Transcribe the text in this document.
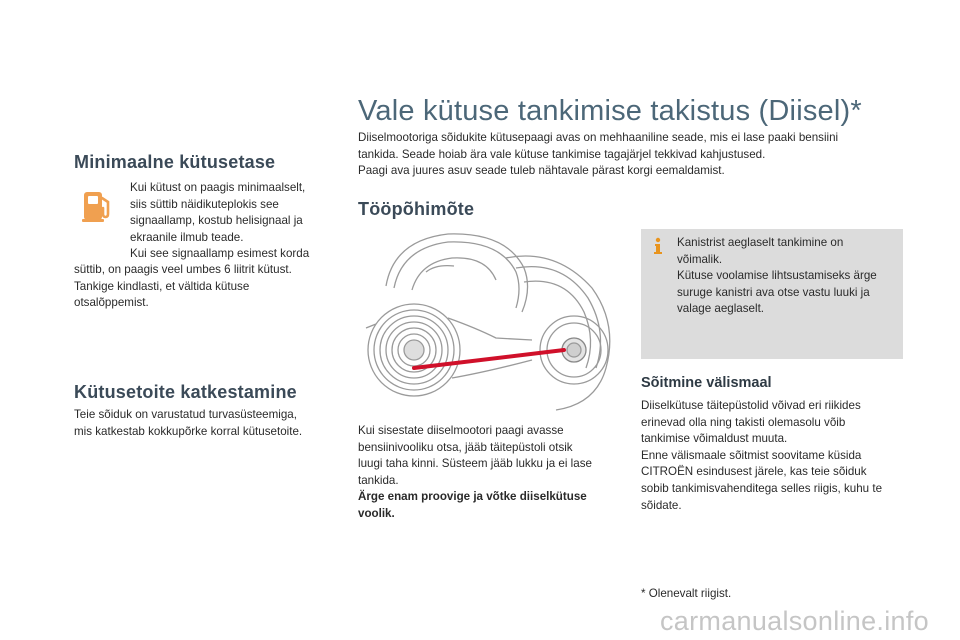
Minimaalne kütusetase

Kui kütust on paagis minimaalselt,

siis süttib näidikuteplokis see

signaallamp, kostub helisignaal ja

ekraanile ilmub teade.

Kui see signaallamp esimest korda

süttib, on paagis veel umbes 6 liitrit kütust.

Tankige kindlasti, et vältida kütuse

otsalõppemist.

Kütusetoite katkestamine

Teie sõiduk on varustatud turvasüsteemiga,

mis katkestab kokkupõrke korral kütusetoite.

Vale kütuse tankimise takistus (Diisel)*

Diiselmootoriga sõidukite kütusepaagi avas on mehhaaniline seade, mis ei lase paaki bensiini

tankida. Seade hoiab ära vale kütuse tankimise tagajärjel tekkivad kahjustused.

Paagi ava juures asuv seade tuleb nähtavale pärast korgi eemaldamist.

Tööpõhimõte

Kui sisestate diiselmootori paagi avasse

bensiinivooliku otsa, jääb täitepüstoli otsik

luugi taha kinni. Süsteem jääb lukku ja ei lase

tankida.

Ärge enam proovige ja võtke diiselkütuse

voolik.

Kanistrist aeglaselt tankimine on

võimalik.

Kütuse voolamise lihtsustamiseks ärge

suruge kanistri ava otse vastu luuki ja

valage aeglaselt.

Sõitmine välismaal

Diiselkütuse täitepüstolid võivad eri riikides

erinevad olla ning takisti olemasolu võib

tankimise võimaldust muuta.

Enne välismaale sõitmist soovitame küsida

CITROËN esindusest järele, kas teie sõiduk

sobib tankimisvahenditega selles riigis, kuhu te

sõidate.

* Olenevalt riigist.
carmanualsonline.info
